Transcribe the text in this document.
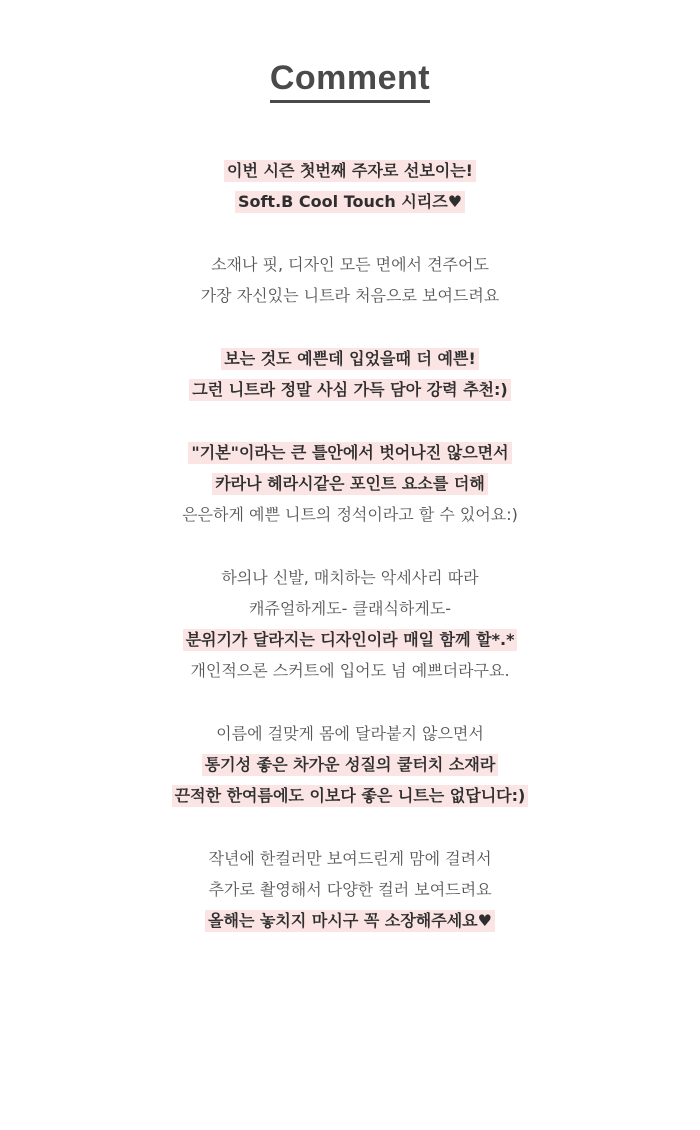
Comment
이번 시즌 첫번째 주자로 선보이는!
Soft.B Cool Touch 시리즈♥
소재나 핏, 디자인 모든 면에서 견주어도
가장 자신있는 니트라 처음으로 보여드려요
보는 것도 예쁜데 입었을때 더 예쁜!
그런 니트라 정말 사심 가득 담아 강력 추천:)
"기본"이라는 큰 틀안에서 벗어나진 않으면서
카라나 헤라시같은 포인트 요소를 더해
은은하게 예쁜 니트의 정석이라고 할 수 있어요:)
하의나 신발, 매치하는 악세사리 따라
캐쥬얼하게도- 클래식하게도-
분위기가 달라지는 디자인이라 매일 함께 할*.*
개인적으론 스커트에 입어도 넘 예쁘더라구요.
이름에 걸맞게 몸에 달라붙지 않으면서
통기성 좋은 차가운 성질의 쿨터치 소재라
끈적한 한여름에도 이보다 좋은 니트는 없답니다:)
작년에 한컬러만 보여드린게 맘에 걸려서
추가로 촬영해서 다양한 컬러 보여드려요
올해는 놓치지 마시구 꼭 소장해주세요♥
